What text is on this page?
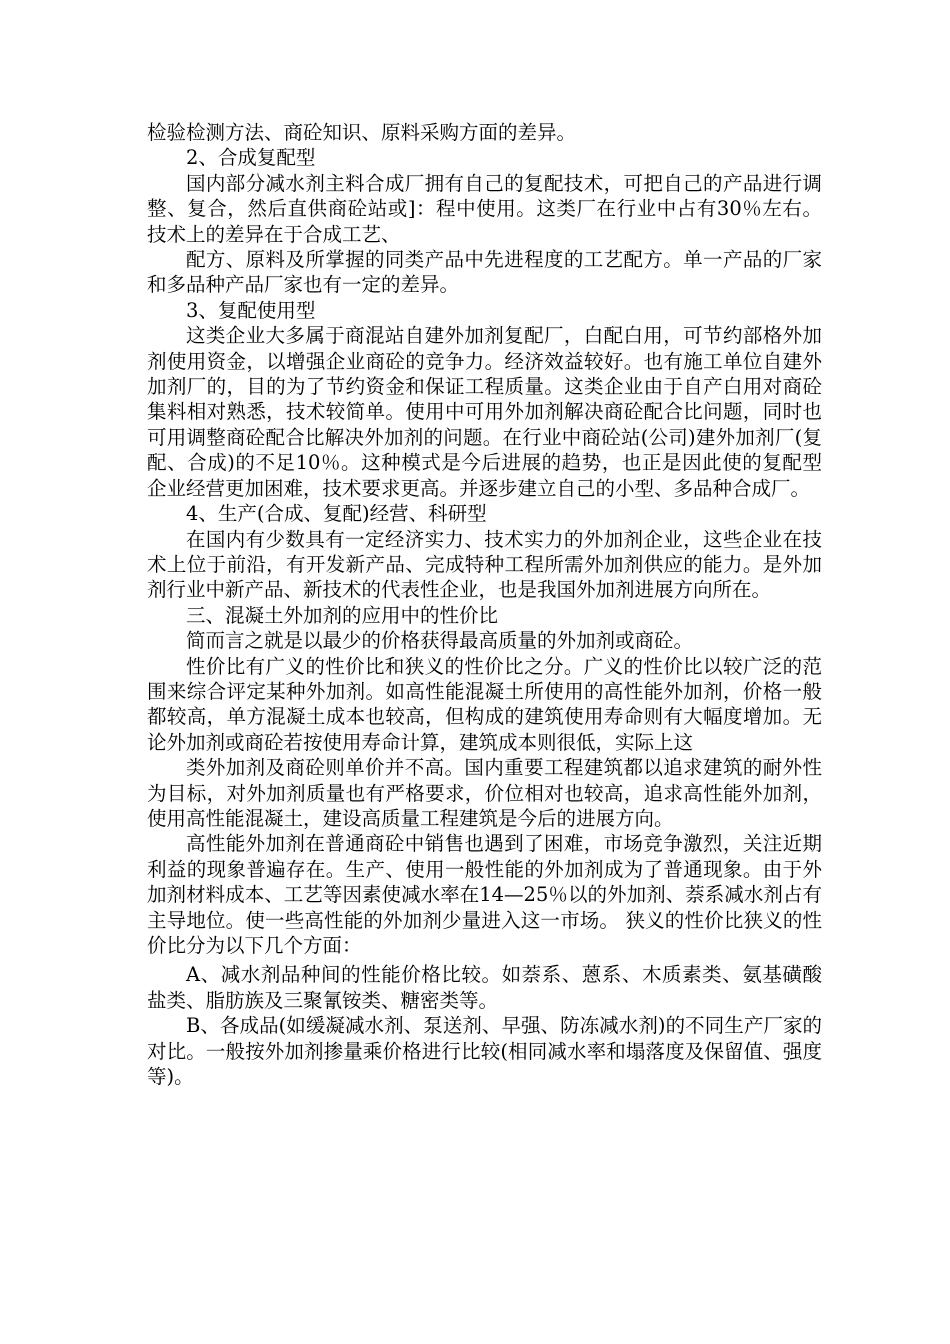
检验检测方法、商砼知识、原料采购方面的差异。

2、合成复配型

国内部分减水剂主料合成厂拥有自己的复配技术，可把自己的产品进行调整、复合，然后直供商砼站或]：程中使用。这类厂在行业中占有30％左右。技术上的差异在于合成工艺、

配方、原料及所掌握的同类产品中先进程度的工艺配方。单一产品的厂家和多品种产品厂家也有一定的差异。

3、复配使用型

这类企业大多属于商混站自建外加剂复配厂，白配白用，可节约部格外加剂使用资金，以增强企业商砼的竞争力。经济效益较好。也有施工单位自建外加剂厂的，目的为了节约资金和保证工程质量。这类企业由于自产白用对商砼集料相对熟悉，技术较简单。使用中可用外加剂解决商砼配合比问题，同时也可用调整商砼配合比解决外加剂的问题。在行业中商砼站(公司)建外加剂厂(复配、合成)的不足10％。这种模式是今后进展的趋势，也正是因此使的复配型企业经营更加困难，技术要求更高。并逐步建立自己的小型、多品种合成厂。

4、生产(合成、复配)经营、科研型

在国内有少数具有一定经济实力、技术实力的外加剂企业，这些企业在技术上位于前沿，有开发新产品、完成特种工程所需外加剂供应的能力。是外加剂行业中新产品、新技术的代表性企业，也是我国外加剂进展方向所在。

三、混凝土外加剂的应用中的性价比

简而言之就是以最少的价格获得最高质量的外加剂或商砼。

性价比有广义的性价比和狭义的性价比之分。广义的性价比以较广泛的范围来综合评定某种外加剂。如高性能混凝土所使用的高性能外加剂，价格一般都较高，单方混凝土成本也较高，但构成的建筑使用寿命则有大幅度增加。无论外加剂或商砼若按使用寿命计算，建筑成本则很低，实际上这

类外加剂及商砼则单价并不高。国内重要工程建筑都以追求建筑的耐外性为目标，对外加剂质量也有严格要求，价位相对也较高，追求高性能外加剂，使用高性能混凝土，建设高质量工程建筑是今后的进展方向。

高性能外加剂在普通商砼中销售也遇到了困难，市场竞争激烈，关注近期利益的现象普遍存在。生产、使用一般性能的外加剂成为了普通现象。由于外加剂材料成本、工艺等因素使减水率在14—25％以的外加剂、萘系减水剂占有主导地位。使一些高性能的外加剂少量进入这一市场。 狭义的性价比狭义的性价比分为以下几个方面：

A、减水剂品种间的性能价格比较。如萘系、蒽系、木质素类、氨基磺酸盐类、脂肪族及三聚氰铵类、糖密类等。

B、各成品(如缓凝减水剂、泵送剂、早强、防冻减水剂)的不同生产厂家的对比。一般按外加剂掺量乘价格进行比较(相同减水率和塌落度及保留值、强度等)。
